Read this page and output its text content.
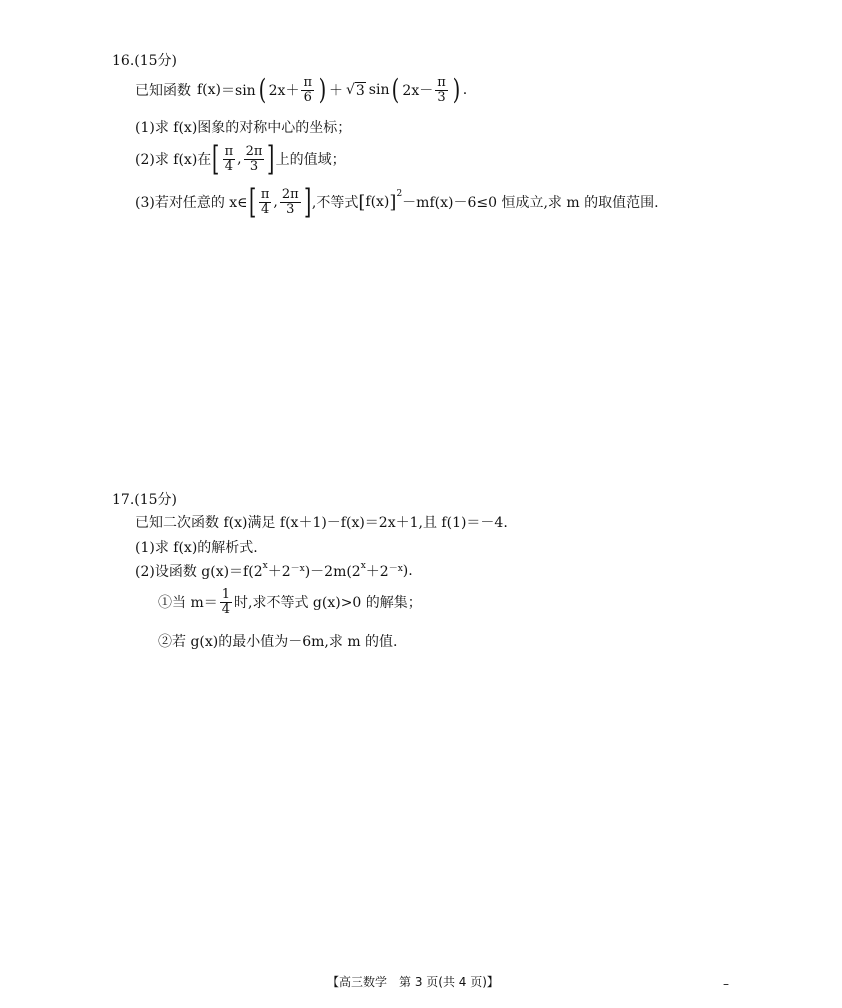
16.(15分)
已知函数 f(x) ＝sin ( $2x+ \frac{\pi}{6}$ ) ＋ √ 3 sin ( $2x- \frac{\pi}{3}$ ) .
(1)求 f(x)图象的对称中心的坐标；
(2)求 f(x)在 [ $\frac{\pi}{4}$ , $\frac{2\pi}{3}$ ] 上的值域；
(3)若对任意的 x∈ [ $\frac{\pi}{4}$ , $\frac{2\pi}{3}$ ] ,不等式 [ f(x) ]$^2$
－mf(x)－6≤0 恒成立,求 m 的取值范围.
17.(15分)
已知二次函数 f(x)满足 f(x＋1)－f(x)＝2x＋1,且 f(1)＝－4.
(1)求 f(x)的解析式.
(2)设函数 $g(x)=f(2^x +2^{-x}$ )$-2m(2^x +2^{-x}$ ).
①当 $m= \frac{1}{4}$ 时,求不等式 g(x)>0 的解集；
②若 g(x)的最小值为－6m,求 m 的值.
【高三数学　第 3 页(共 4 页)】	–
